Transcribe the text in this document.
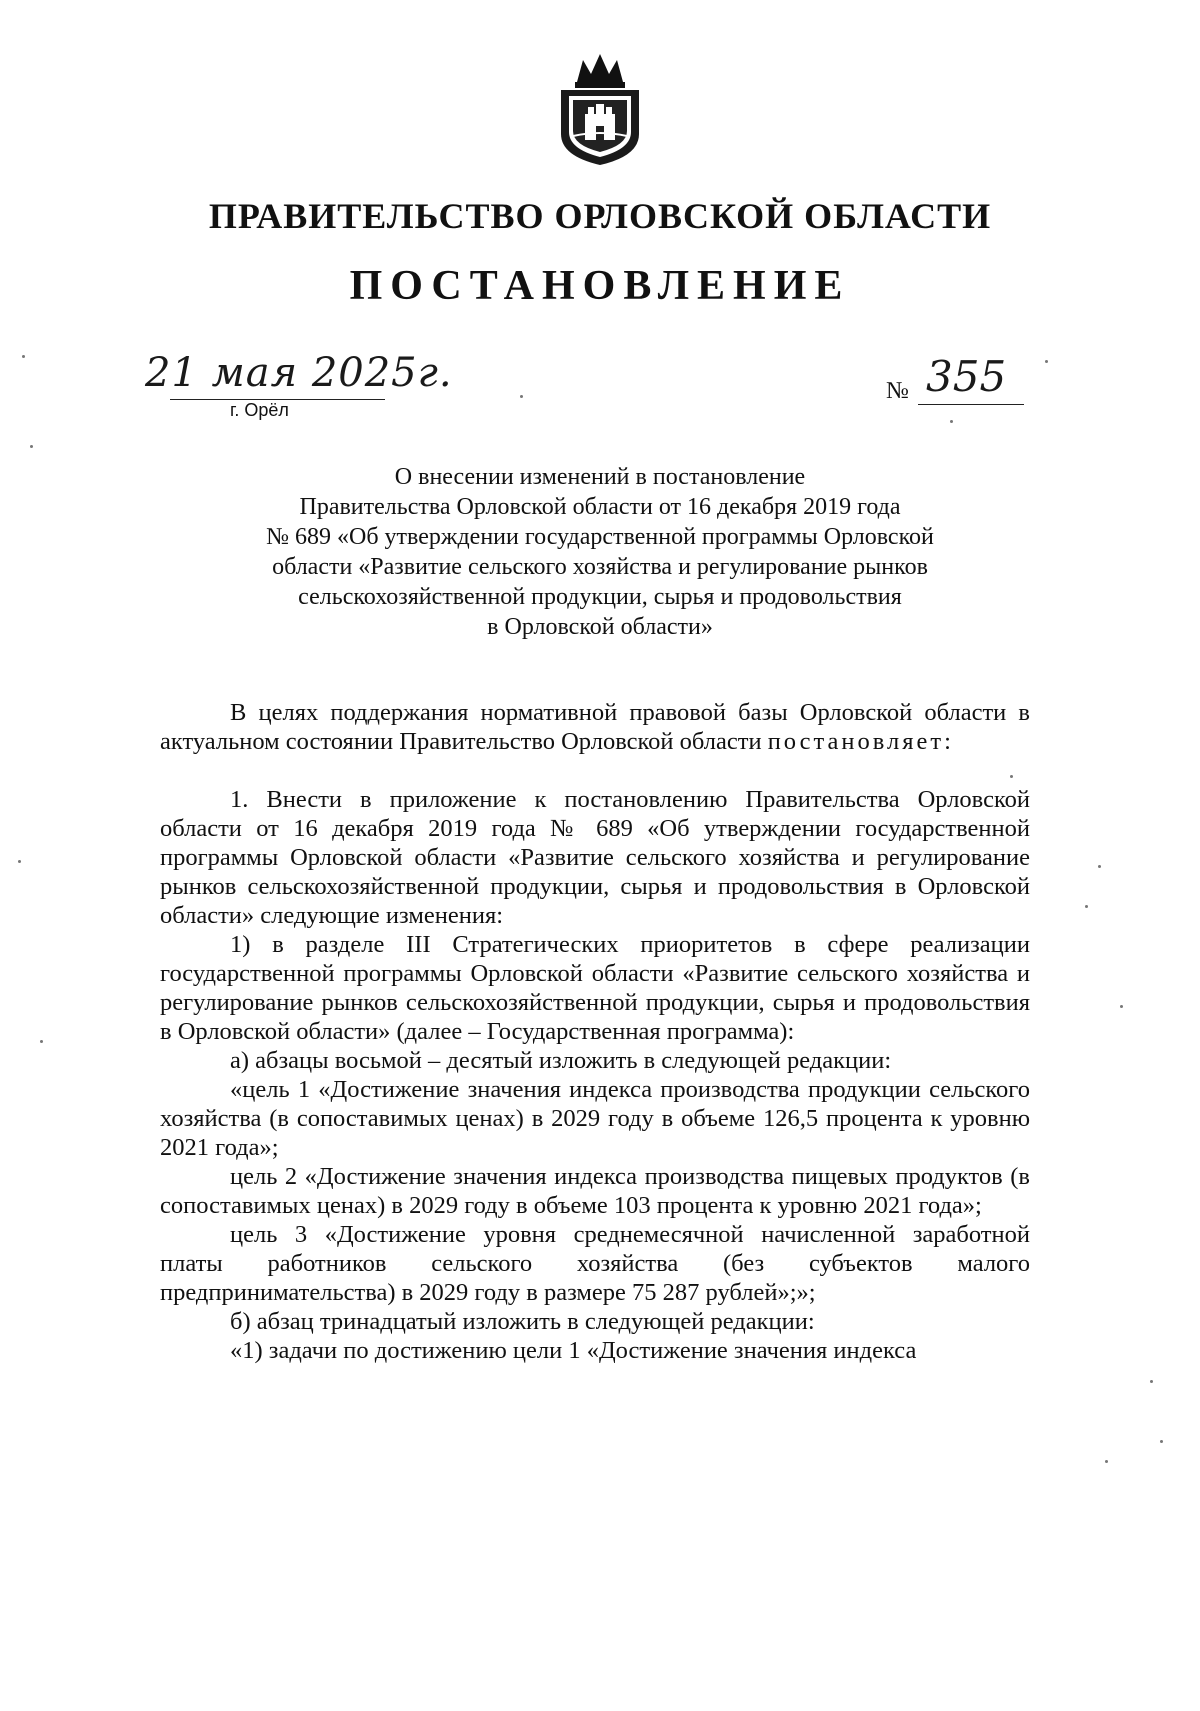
ПРАВИТЕЛЬСТВО ОРЛОВСКОЙ ОБЛАСТИ
ПОСТАНОВЛЕНИЕ
21 мая 2025г.
г. Орёл
№ 355
О внесении изменений в постановление
Правительства Орловской области от 16 декабря 2019 года
№ 689 «Об утверждении государственной программы Орловской
области «Развитие сельского хозяйства и регулирование рынков
сельскохозяйственной продукции, сырья и продовольствия
в Орловской области»

В целях поддержания нормативной правовой базы Орловской области в актуальном состоянии Правительство Орловской области постановляет:

1. Внести в приложение к постановлению Правительства Орловской области от 16 декабря 2019 года № 689 «Об утверждении государственной программы Орловской области «Развитие сельского хозяйства и регулирование рынков сельскохозяйственной продукции, сырья и продовольствия в Орловской области» следующие изменения:

1) в разделе III Стратегических приоритетов в сфере реализации государственной программы Орловской области «Развитие сельского хозяйства и регулирование рынков сельскохозяйственной продукции, сырья и продовольствия в Орловской области» (далее – Государственная программа):

а) абзацы восьмой – десятый изложить в следующей редакции:

«цель 1 «Достижение значения индекса производства продукции сельского хозяйства (в сопоставимых ценах) в 2029 году в объеме 126,5 процента к уровню 2021 года»;

цель 2 «Достижение значения индекса производства пищевых продуктов (в сопоставимых ценах) в 2029 году в объеме 103 процента к уровню 2021 года»;

цель 3 «Достижение уровня среднемесячной начисленной заработной платы работников сельского хозяйства (без субъектов малого предпринимательства) в 2029 году в размере 75 287 рублей»;»;

б) абзац тринадцатый изложить в следующей редакции:

«1) задачи по достижению цели 1 «Достижение значения индекса
